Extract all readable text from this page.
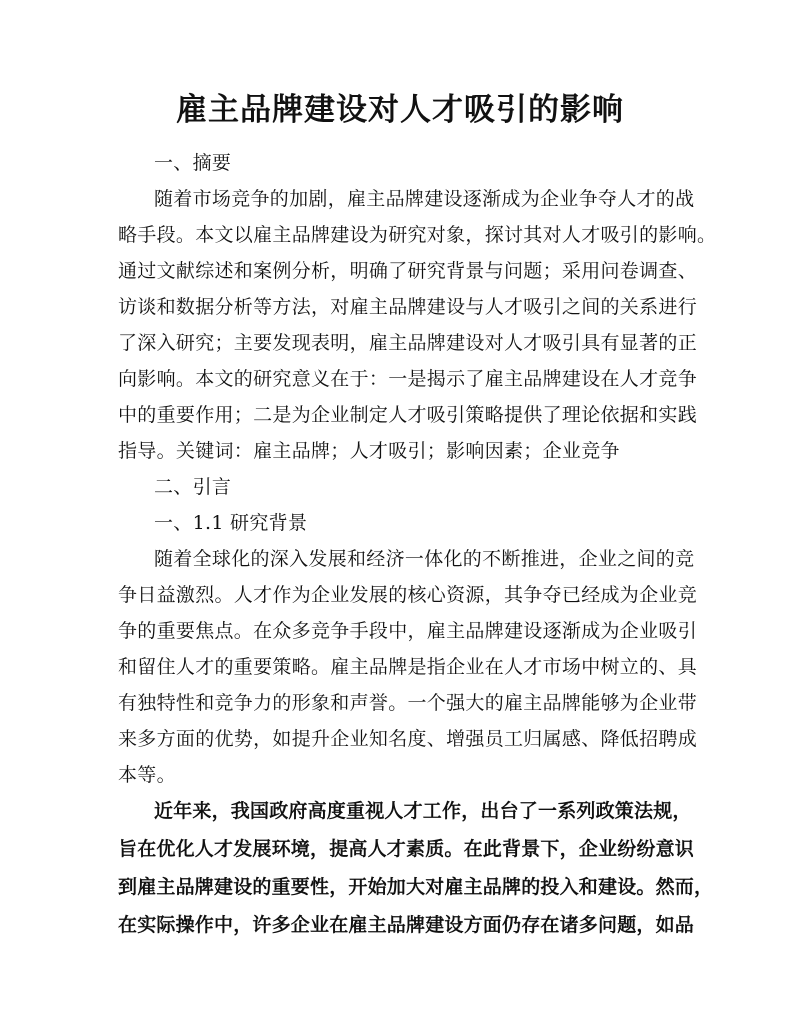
雇主品牌建设对人才吸引的影响
一、摘要
随着市场竞争的加剧，雇主品牌建设逐渐成为企业争夺人才的战
略手段。本文以雇主品牌建设为研究对象，探讨其对人才吸引的影响。
通过文献综述和案例分析，明确了研究背景与问题；采用问卷调查、
访谈和数据分析等方法，对雇主品牌建设与人才吸引之间的关系进行
了深入研究；主要发现表明，雇主品牌建设对人才吸引具有显著的正
向影响。本文的研究意义在于：一是揭示了雇主品牌建设在人才竞争
中的重要作用；二是为企业制定人才吸引策略提供了理论依据和实践
指导。关键词：雇主品牌；人才吸引；影响因素；企业竞争
二、引言
一、1.1 研究背景
随着全球化的深入发展和经济一体化的不断推进，企业之间的竞
争日益激烈。人才作为企业发展的核心资源，其争夺已经成为企业竞
争的重要焦点。在众多竞争手段中，雇主品牌建设逐渐成为企业吸引
和留住人才的重要策略。雇主品牌是指企业在人才市场中树立的、具
有独特性和竞争力的形象和声誉。一个强大的雇主品牌能够为企业带
来多方面的优势，如提升企业知名度、增强员工归属感、降低招聘成
本等。
近年来，我国政府高度重视人才工作，出台了一系列政策法规，
旨在优化人才发展环境，提高人才素质。在此背景下，企业纷纷意识
到雇主品牌建设的重要性，开始加大对雇主品牌的投入和建设。然而，
在实际操作中，许多企业在雇主品牌建设方面仍存在诸多问题，如品
